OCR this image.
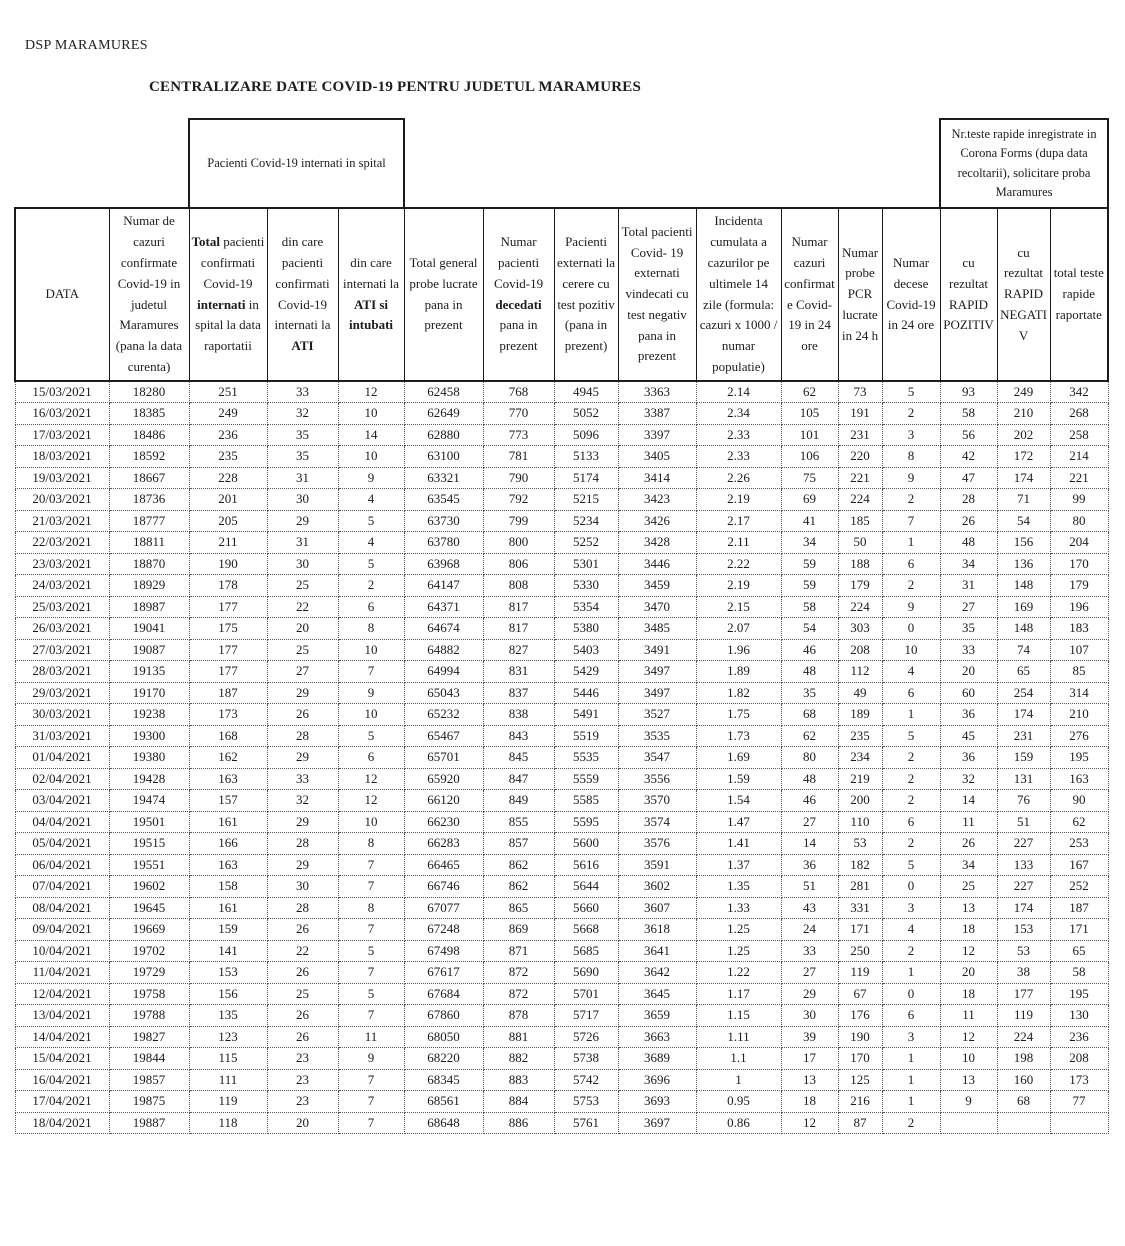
DSP MARAMURES
CENTRALIZARE DATE COVID-19 PENTRU JUDETUL MARAMURES
		Pacienti Covid-19 internati in spital											Nr.teste rapide inregistrate in Corona Forms (dupa data recoltarii), solicitare proba Maramures		
DATA	Numar de cazuri confirmate Covid-19 in judetul Maramures (pana la data curenta)	Total pacienti confirmati Covid-19 internati in spital la data raportatii	din care pacienti confirmati Covid-19 internati la ATI	din care internati la ATI si intubati	Total general probe lucrate pana in prezent	Numar pacienti Covid-19 decedati pana in prezent	Pacienti externati la cerere cu test pozitiv (pana in prezent)	Total pacienti Covid- 19 externati vindecati cu test negativ pana in prezent	Incidenta cumulata a cazurilor pe ultimele 14 zile (formula: cazuri x 1000 / numar populatie)	Numar cazuri confirmate Covid-19 in 24 ore	Numar probe PCR lucrate in 24 h	Numar decese Covid-19 in 24 ore	cu rezultat RAPID POZITIV	cu rezultat RAPID NEGATIV	total teste rapide raportate
15/03/2021	18280	251	33	12	62458	768	4945	3363	2.14	62	73	5	93	249	342
16/03/2021	18385	249	32	10	62649	770	5052	3387	2.34	105	191	2	58	210	268
17/03/2021	18486	236	35	14	62880	773	5096	3397	2.33	101	231	3	56	202	258
18/03/2021	18592	235	35	10	63100	781	5133	3405	2.33	106	220	8	42	172	214
19/03/2021	18667	228	31	9	63321	790	5174	3414	2.26	75	221	9	47	174	221
20/03/2021	18736	201	30	4	63545	792	5215	3423	2.19	69	224	2	28	71	99
21/03/2021	18777	205	29	5	63730	799	5234	3426	2.17	41	185	7	26	54	80
22/03/2021	18811	211	31	4	63780	800	5252	3428	2.11	34	50	1	48	156	204
23/03/2021	18870	190	30	5	63968	806	5301	3446	2.22	59	188	6	34	136	170
24/03/2021	18929	178	25	2	64147	808	5330	3459	2.19	59	179	2	31	148	179
25/03/2021	18987	177	22	6	64371	817	5354	3470	2.15	58	224	9	27	169	196
26/03/2021	19041	175	20	8	64674	817	5380	3485	2.07	54	303	0	35	148	183
27/03/2021	19087	177	25	10	64882	827	5403	3491	1.96	46	208	10	33	74	107
28/03/2021	19135	177	27	7	64994	831	5429	3497	1.89	48	112	4	20	65	85
29/03/2021	19170	187	29	9	65043	837	5446	3497	1.82	35	49	6	60	254	314
30/03/2021	19238	173	26	10	65232	838	5491	3527	1.75	68	189	1	36	174	210
31/03/2021	19300	168	28	5	65467	843	5519	3535	1.73	62	235	5	45	231	276
01/04/2021	19380	162	29	6	65701	845	5535	3547	1.69	80	234	2	36	159	195
02/04/2021	19428	163	33	12	65920	847	5559	3556	1.59	48	219	2	32	131	163
03/04/2021	19474	157	32	12	66120	849	5585	3570	1.54	46	200	2	14	76	90
04/04/2021	19501	161	29	10	66230	855	5595	3574	1.47	27	110	6	11	51	62
05/04/2021	19515	166	28	8	66283	857	5600	3576	1.41	14	53	2	26	227	253
06/04/2021	19551	163	29	7	66465	862	5616	3591	1.37	36	182	5	34	133	167
07/04/2021	19602	158	30	7	66746	862	5644	3602	1.35	51	281	0	25	227	252
08/04/2021	19645	161	28	8	67077	865	5660	3607	1.33	43	331	3	13	174	187
09/04/2021	19669	159	26	7	67248	869	5668	3618	1.25	24	171	4	18	153	171
10/04/2021	19702	141	22	5	67498	871	5685	3641	1.25	33	250	2	12	53	65
11/04/2021	19729	153	26	7	67617	872	5690	3642	1.22	27	119	1	20	38	58
12/04/2021	19758	156	25	5	67684	872	5701	3645	1.17	29	67	0	18	177	195
13/04/2021	19788	135	26	7	67860	878	5717	3659	1.15	30	176	6	11	119	130
14/04/2021	19827	123	26	11	68050	881	5726	3663	1.11	39	190	3	12	224	236
15/04/2021	19844	115	23	9	68220	882	5738	3689	1.1	17	170	1	10	198	208
16/04/2021	19857	111	23	7	68345	883	5742	3696	1	13	125	1	13	160	173
17/04/2021	19875	119	23	7	68561	884	5753	3693	0.95	18	216	1	9	68	77
18/04/2021	19887	118	20	7	68648	886	5761	3697	0.86	12	87	2			
